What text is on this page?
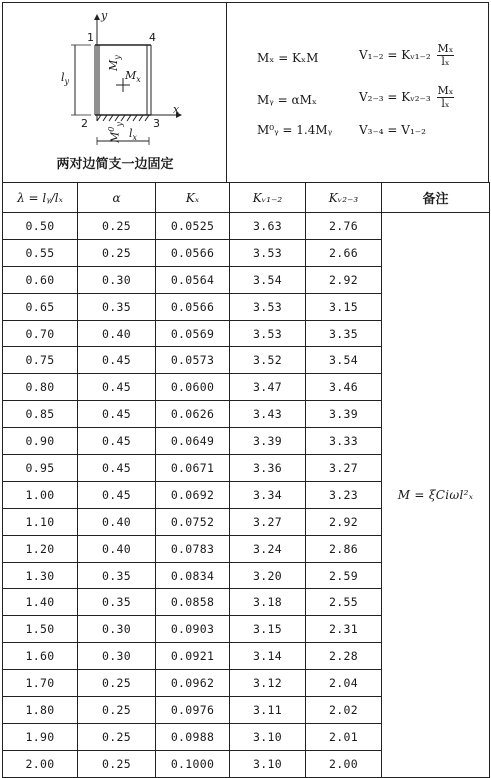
y
x
1	4
2	3
$l_y$
$l_x$
$M_x$
$M_y$
$M^0_y$
两对边简支一边固定
Mₓ = KₓM
Mᵧ = αMₓ
M⁰ᵧ = 1.4Mᵧ
V₁₋₂ = Kᵥ₁₋₂ $\frac{\text{Mₓ}}{\text{lₓ}}$
V₂₋₃ = Kᵥ₂₋₃ $\frac{\text{Mₓ}}{\text{lₓ}}$
V₃₋₄ = V₁₋₂
λ = lᵧ/lₓ	α	Kₓ	Kᵥ₁₋₂	Kᵥ₂₋₃	备注
0.50	0.25	0.0525	3.63	2.76	M = ξCiωl²ₓ
0.55	0.25	0.0566	3.53	2.66	
0.60	0.30	0.0564	3.54	2.92	
0.65	0.35	0.0566	3.53	3.15	
0.70	0.40	0.0569	3.53	3.35	
0.75	0.45	0.0573	3.52	3.54	
0.80	0.45	0.0600	3.47	3.46	
0.85	0.45	0.0626	3.43	3.39	
0.90	0.45	0.0649	3.39	3.33	
0.95	0.45	0.0671	3.36	3.27	
1.00	0.45	0.0692	3.34	3.23	
1.10	0.40	0.0752	3.27	2.92	
1.20	0.40	0.0783	3.24	2.86	
1.30	0.35	0.0834	3.20	2.59	
1.40	0.35	0.0858	3.18	2.55	
1.50	0.30	0.0903	3.15	2.31	
1.60	0.30	0.0921	3.14	2.28	
1.70	0.25	0.0962	3.12	2.04	
1.80	0.25	0.0976	3.11	2.02	
1.90	0.25	0.0988	3.10	2.01	
2.00	0.25	0.1000	3.10	2.00	
